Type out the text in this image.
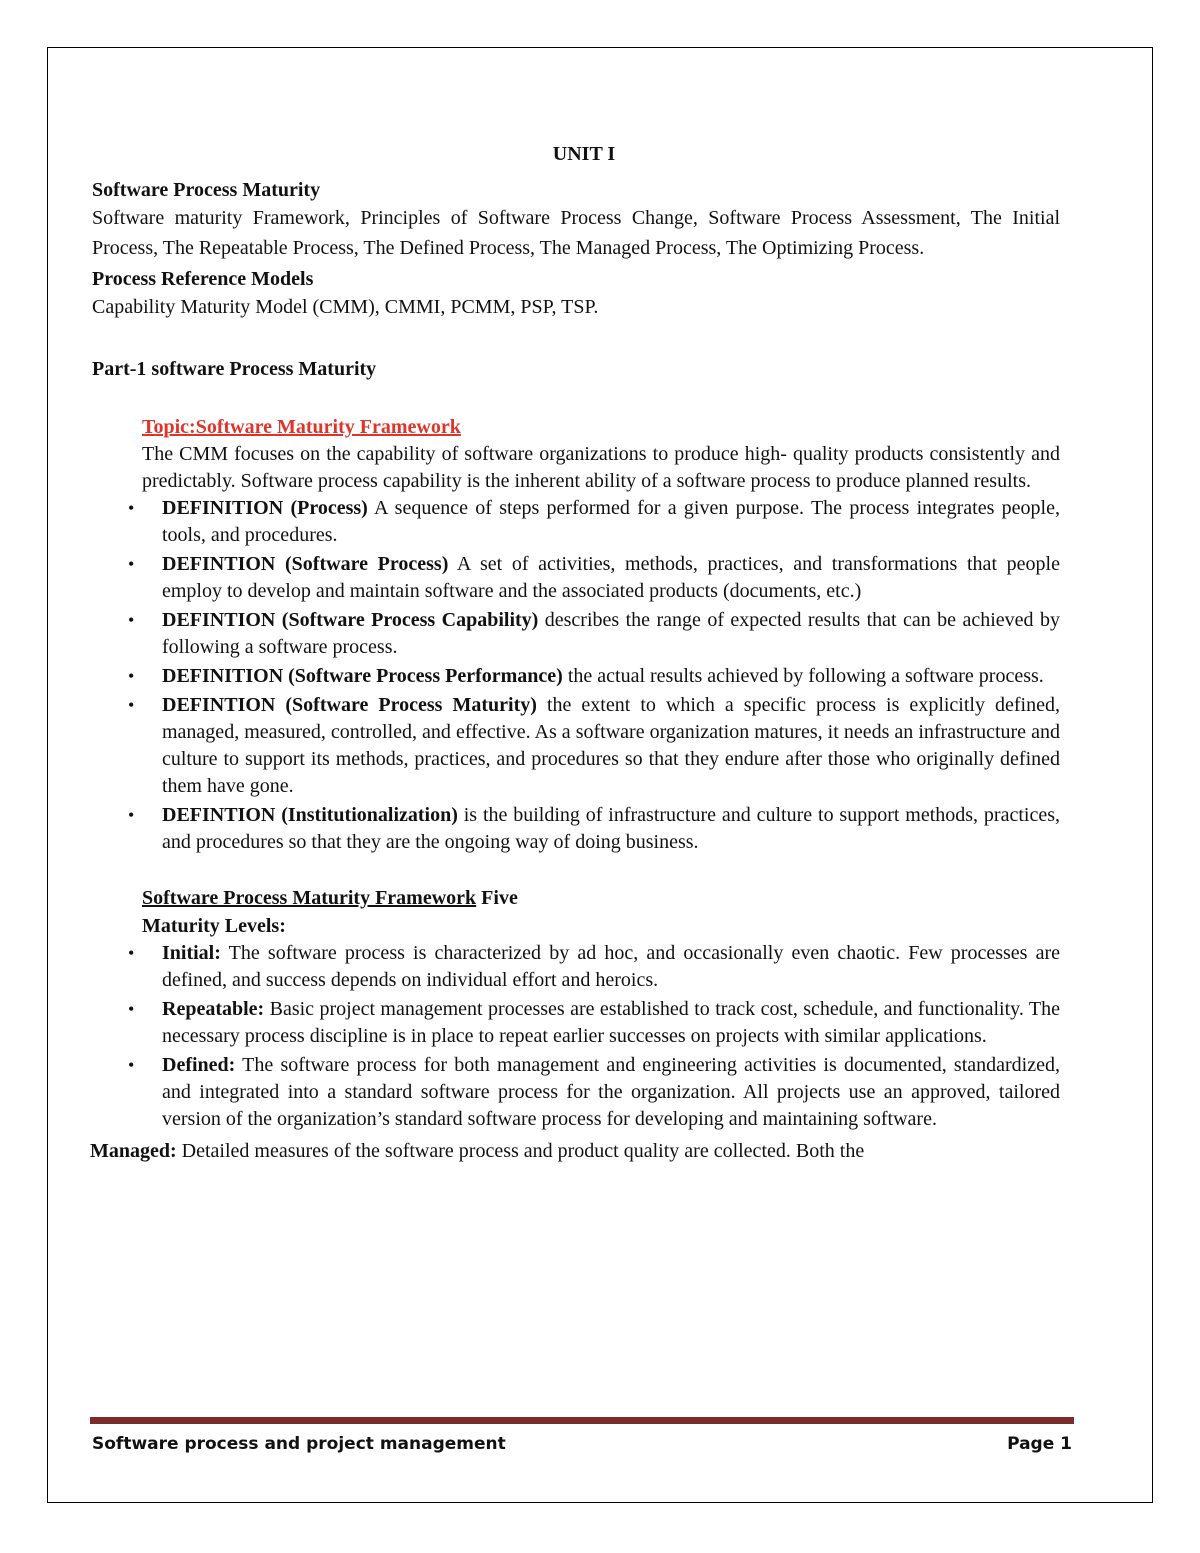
UNIT I

Software Process Maturity

Software maturity Framework, Principles of Software Process Change, Software Process Assessment, The Initial Process, The Repeatable Process, The Defined Process, The Managed Process, The Optimizing Process.

Process Reference Models

Capability Maturity Model (CMM), CMMI, PCMM, PSP, TSP.

Part-1 software Process Maturity

Topic:Software Maturity Framework

The CMM focuses on the capability of software organizations to produce high- quality products consistently and predictably. Software process capability is the inherent ability of a software process to produce planned results.

• DEFINITION (Process) A sequence of steps performed for a given purpose. The process integrates people, tools, and procedures.
• DEFINTION (Software Process) A set of activities, methods, practices, and transformations that people employ to develop and maintain software and the associated products (documents, etc.)
• DEFINTION (Software Process Capability) describes the range of expected results that can be achieved by following a software process.
• DEFINITION (Software Process Performance) the actual results achieved by following a software process.
• DEFINTION (Software Process Maturity) the extent to which a specific process is explicitly defined, managed, measured, controlled, and effective. As a software organization matures, it needs an infrastructure and culture to support its methods, practices, and procedures so that they endure after those who originally defined them have gone.
• DEFINTION (Institutionalization) is the building of infrastructure and culture to support methods, practices, and procedures so that they are the ongoing way of doing business.

Software Process Maturity Framework Five

Maturity Levels:

• Initial: The software process is characterized by ad hoc, and occasionally even chaotic. Few processes are defined, and success depends on individual effort and heroics.
• Repeatable: Basic project management processes are established to track cost, schedule, and functionality. The necessary process discipline is in place to repeat earlier successes on projects with similar applications.
• Defined: The software process for both management and engineering activities is documented, standardized, and integrated into a standard software process for the organization. All projects use an approved, tailored version of the organization’s standard software process for developing and maintaining software.

Managed: Detailed measures of the software process and product quality are collected. Both the

Software process and project management	Page 1
